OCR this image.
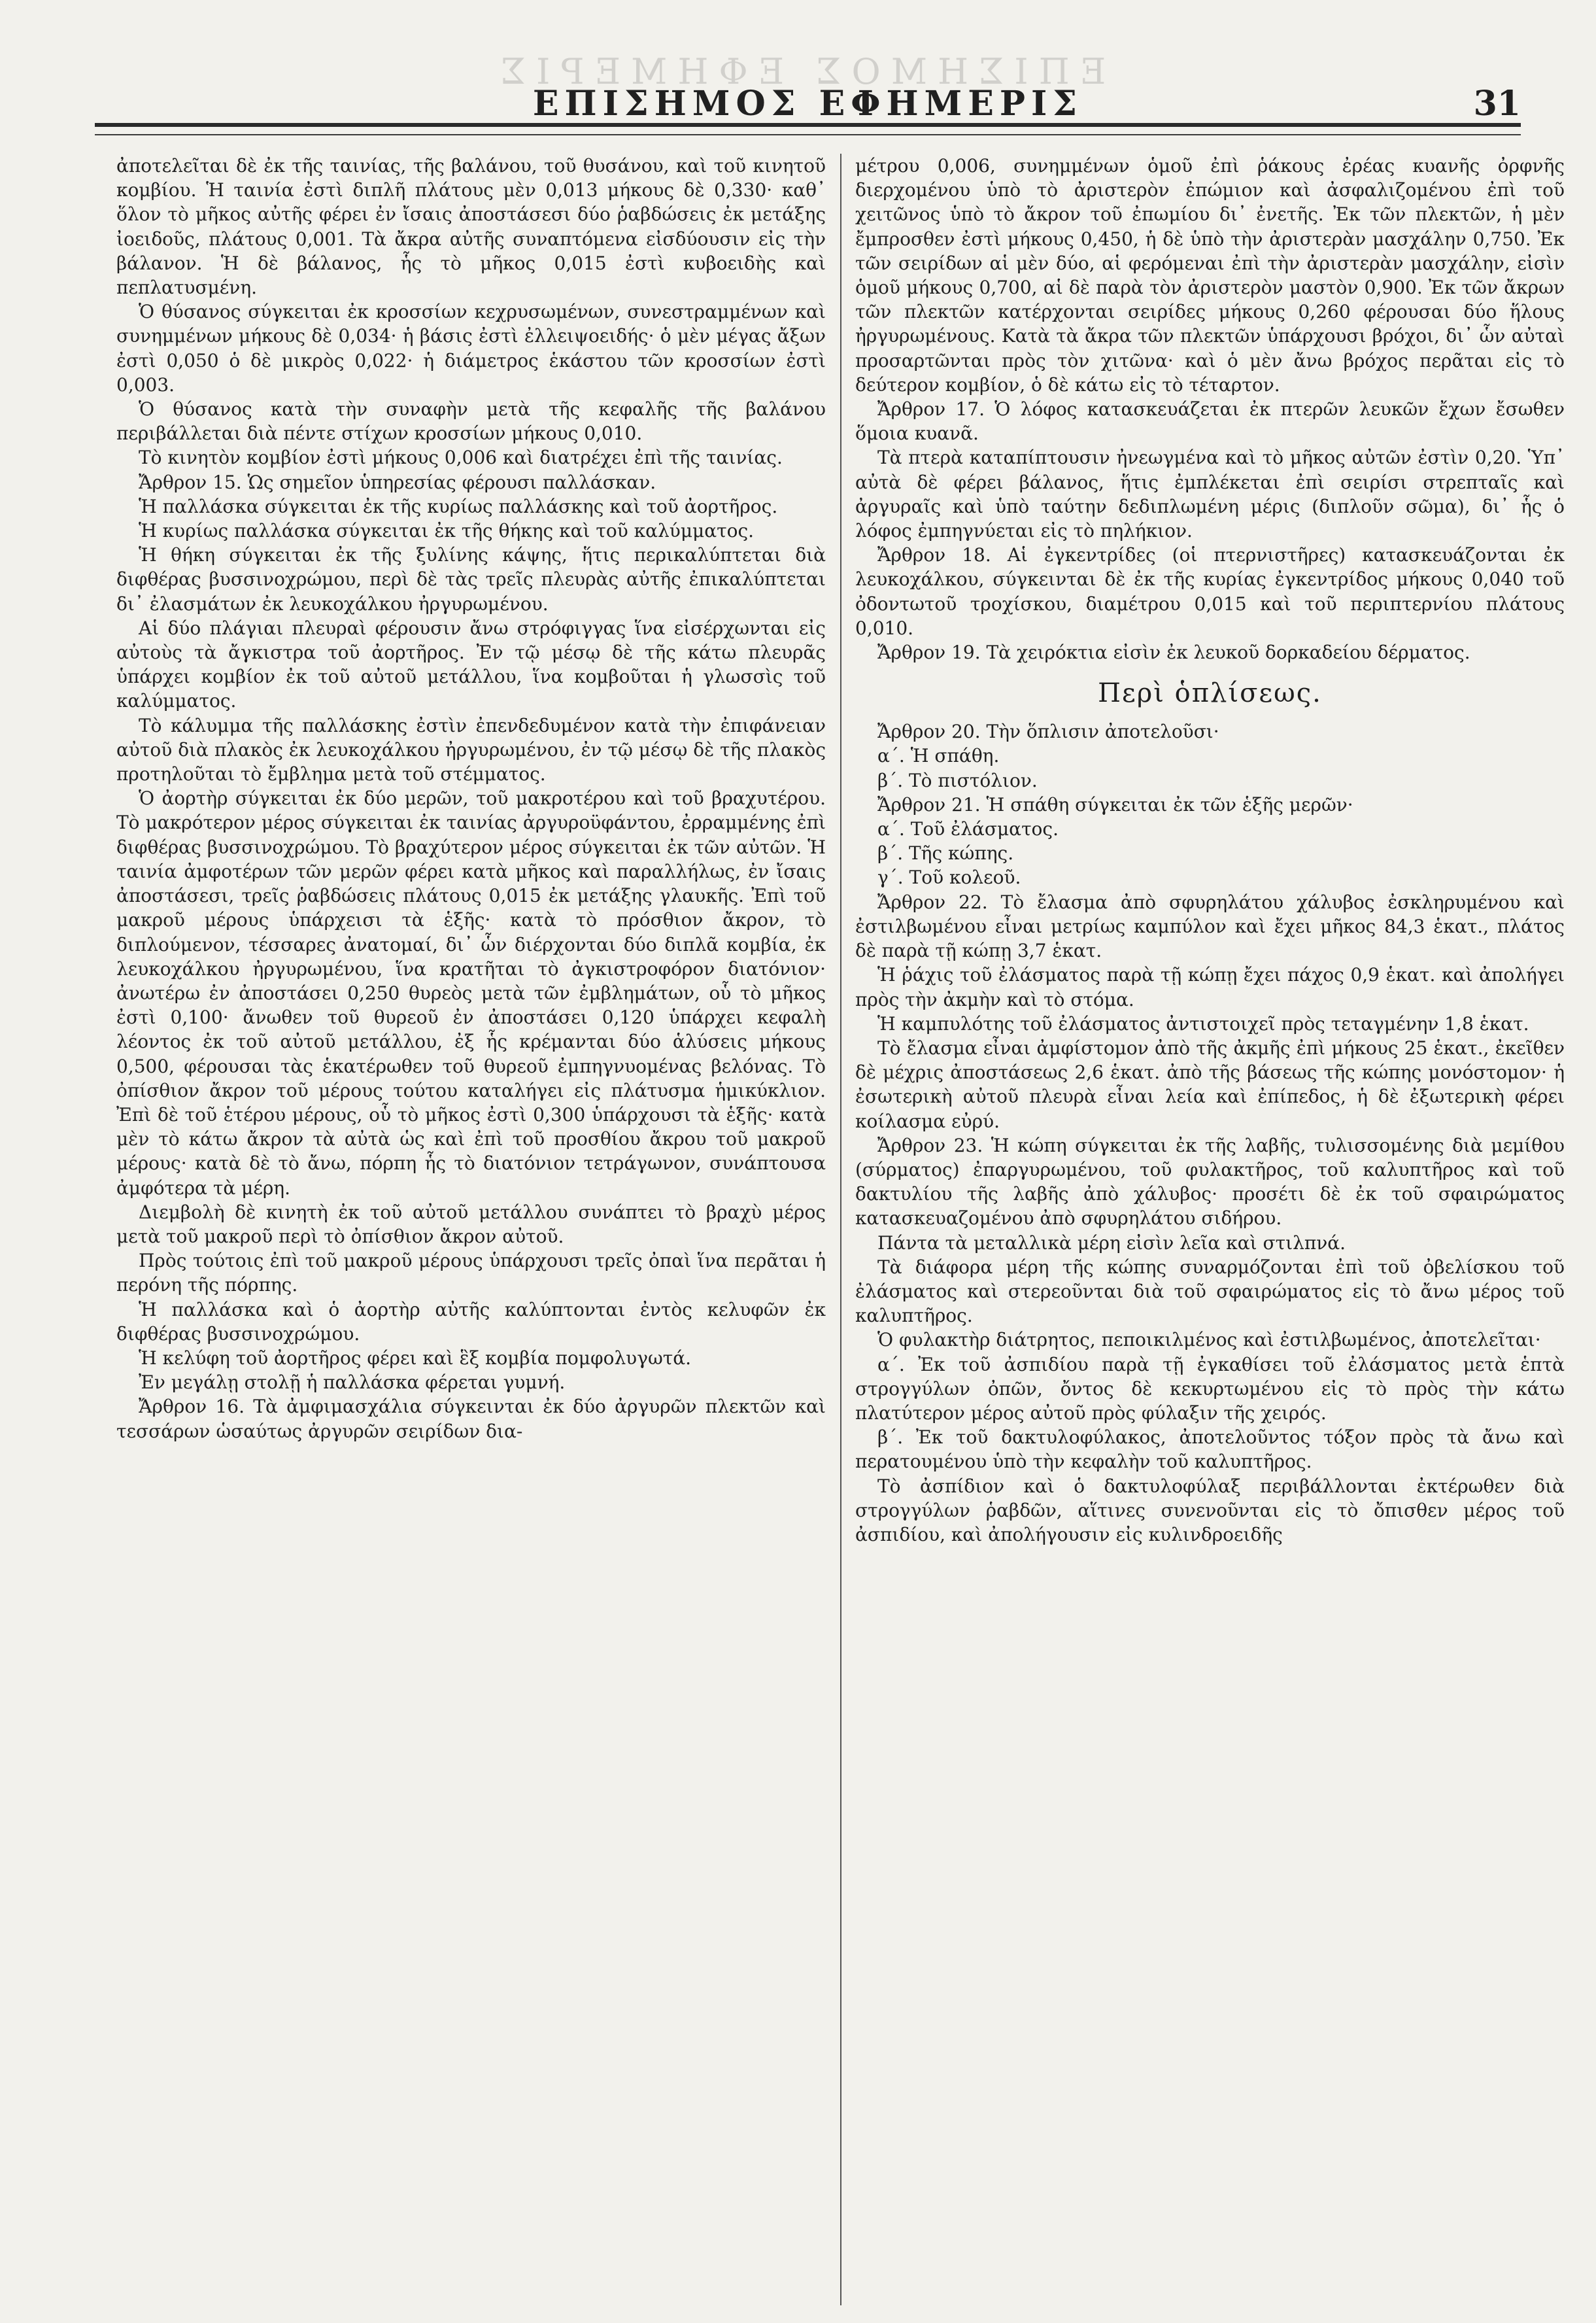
ΕΠΙΣΗΜΟΣ ΕΦΗΜΕΡΙΣ
ΕΠΙΣΗΜΟΣ ΕΦΗΜΕΡΙΣ	31

ἀποτελεῖται δὲ ἐκ τῆς ταινίας, τῆς βαλάνου, τοῦ θυσάνου, καὶ τοῦ κινητοῦ κομβίου. Ἡ ταινία ἐστὶ διπλῆ πλάτους μὲν 0,013 μήκους δὲ 0,330· καθ᾽ ὅλον τὸ μῆκος αὐτῆς φέρει ἐν ἴσαις ἀποστάσεσι δύο ῥαβδώσεις ἐκ μετάξης ἰοειδοῦς, πλάτους 0,001. Τὰ ἄκρα αὐτῆς συναπτόμενα εἰσδύουσιν εἰς τὴν βάλανον. Ἡ δὲ βάλανος, ἧς τὸ μῆκος 0,015 ἐστὶ κυβοειδὴς καὶ πεπλατυσμένη.

Ὁ θύσανος σύγκειται ἐκ κροσσίων κεχρυσωμένων, συνεστραμμένων καὶ συνημμένων μήκους δὲ 0,034· ἡ βάσις ἐστὶ ἐλλειψοειδής· ὁ μὲν μέγας ἄξων ἐστὶ 0,050 ὁ δὲ μικρὸς 0,022· ἡ διάμετρος ἑκάστου τῶν κροσσίων ἐστὶ 0,003.

Ὁ θύσανος κατὰ τὴν συναφὴν μετὰ τῆς κεφαλῆς τῆς βαλάνου περιβάλλεται διὰ πέντε στίχων κροσσίων μήκους 0,010.

Τὸ κινητὸν κομβίον ἐστὶ μήκους 0,006 καὶ διατρέχει ἐπὶ τῆς ταινίας.

Ἄρθρον 15. Ὡς σημεῖον ὑπηρεσίας φέρουσι παλλάσκαν.

Ἡ παλλάσκα σύγκειται ἐκ τῆς κυρίως παλλάσκης καὶ τοῦ ἀορτῆρος.

Ἡ κυρίως παλλάσκα σύγκειται ἐκ τῆς θήκης καὶ τοῦ καλύμματος.

Ἡ θήκη σύγκειται ἐκ τῆς ξυλίνης κάψης, ἥτις περικαλύπτεται διὰ διφθέρας βυσσινοχρώμου, περὶ δὲ τὰς τρεῖς πλευρὰς αὐτῆς ἐπικαλύπτεται δι᾽ ἐλασμάτων ἐκ λευκοχάλκου ἠργυρωμένου.

Αἱ δύο πλάγιαι πλευραὶ φέρουσιν ἄνω στρόφιγγας ἵνα εἰσέρχωνται εἰς αὐτοὺς τὰ ἄγκιστρα τοῦ ἀορτῆρος. Ἐν τῷ μέσῳ δὲ τῆς κάτω πλευρᾶς ὑπάρχει κομβίον ἐκ τοῦ αὐτοῦ μετάλλου, ἵνα κομβοῦται ἡ γλωσσὶς τοῦ καλύμματος.

Τὸ κάλυμμα τῆς παλλάσκης ἐστὶν ἐπενδεδυμένον κατὰ τὴν ἐπιφάνειαν αὐτοῦ διὰ πλακὸς ἐκ λευκοχάλκου ἠργυρωμένου, ἐν τῷ μέσῳ δὲ τῆς πλακὸς προτηλοῦται τὸ ἔμβλημα μετὰ τοῦ στέμματος.

Ὁ ἀορτὴρ σύγκειται ἐκ δύο μερῶν, τοῦ μακροτέρου καὶ τοῦ βραχυτέρου. Τὸ μακρότερον μέρος σύγκειται ἐκ ταινίας ἀργυροϋφάντου, ἐρραμμένης ἐπὶ διφθέρας βυσσινοχρώμου. Τὸ βραχύτερον μέρος σύγκειται ἐκ τῶν αὐτῶν. Ἡ ταινία ἀμφοτέρων τῶν μερῶν φέρει κατὰ μῆκος καὶ παραλλήλως, ἐν ἴσαις ἀποστάσεσι, τρεῖς ῥαβδώσεις πλάτους 0,015 ἐκ μετάξης γλαυκῆς. Ἐπὶ τοῦ μακροῦ μέρους ὑπάρχεισι τὰ ἑξῆς· κατὰ τὸ πρόσθιον ἄκρον, τὸ διπλούμενον, τέσσαρες ἀνατομαί, δι᾽ ὧν διέρχονται δύο διπλᾶ κομβία, ἐκ λευκοχάλκου ἠργυρωμένου, ἵνα κρατῆται τὸ ἀγκιστροφόρον διατόνιον· ἀνωτέρω ἐν ἀποστάσει 0,250 θυρεὸς μετὰ τῶν ἐμβλημάτων, οὗ τὸ μῆκος ἐστὶ 0,100· ἄνωθεν τοῦ θυρεοῦ ἐν ἀποστάσει 0,120 ὑπάρχει κεφαλὴ λέοντος ἐκ τοῦ αὐτοῦ μετάλλου, ἐξ ἧς κρέμανται δύο ἁλύσεις μήκους 0,500, φέρουσαι τὰς ἑκατέρωθεν τοῦ θυρεοῦ ἐμπηγνυομένας βελόνας. Τὸ ὀπίσθιον ἄκρον τοῦ μέρους τούτου καταλήγει εἰς πλάτυσμα ἡμικύκλιον. Ἐπὶ δὲ τοῦ ἑτέρου μέρους, οὗ τὸ μῆκος ἐστὶ 0,300 ὑπάρχουσι τὰ ἑξῆς· κατὰ μὲν τὸ κάτω ἄκρον τὰ αὐτὰ ὡς καὶ ἐπὶ τοῦ προσθίου ἄκρου τοῦ μακροῦ μέρους· κατὰ δὲ τὸ ἄνω, πόρπη ἧς τὸ διατόνιον τετράγωνον, συνάπτουσα ἀμφότερα τὰ μέρη.

Διεμβολὴ δὲ κινητὴ ἐκ τοῦ αὐτοῦ μετάλλου συνάπτει τὸ βραχὺ μέρος μετὰ τοῦ μακροῦ περὶ τὸ ὀπίσθιον ἄκρον αὐτοῦ.

Πρὸς τούτοις ἐπὶ τοῦ μακροῦ μέρους ὑπάρχουσι τρεῖς ὀπαὶ ἵνα περᾶται ἡ περόνη τῆς πόρπης.

Ἡ παλλάσκα καὶ ὁ ἀορτὴρ αὐτῆς καλύπτονται ἐντὸς κελυφῶν ἐκ διφθέρας βυσσινοχρώμου.

Ἡ κελύφη τοῦ ἀορτῆρος φέρει καὶ ἓξ κομβία πομφολυγωτά.

Ἐν μεγάλῃ στολῇ ἡ παλλάσκα φέρεται γυμνή.

Ἄρθρον 16. Τὰ ἀμφιμασχάλια σύγκεινται ἐκ δύο ἀργυρῶν πλεκτῶν καὶ τεσσάρων ὡσαύτως ἀργυρῶν σειρίδων δια-

μέτρου 0,006, συνημμένων ὁμοῦ ἐπὶ ῥάκους ἐρέας κυανῆς ὀρφνῆς διερχομένου ὑπὸ τὸ ἀριστερὸν ἐπώμιον καὶ ἀσφαλιζομένου ἐπὶ τοῦ χειτῶνος ὑπὸ τὸ ἄκρον τοῦ ἐπωμίου δι᾽ ἐνετῆς. Ἐκ τῶν πλεκτῶν, ἡ μὲν ἔμπροσθεν ἐστὶ μήκους 0,450, ἡ δὲ ὑπὸ τὴν ἀριστερὰν μασχάλην 0,750. Ἐκ τῶν σειρίδων αἱ μὲν δύο, αἱ φερόμεναι ἐπὶ τὴν ἀριστερὰν μασχάλην, εἰσὶν ὁμοῦ μήκους 0,700, αἱ δὲ παρὰ τὸν ἀριστερὸν μαστὸν 0,900. Ἐκ τῶν ἄκρων τῶν πλεκτῶν κατέρχονται σειρίδες μήκους 0,260 φέρουσαι δύο ἥλους ἠργυρωμένους. Κατὰ τὰ ἄκρα τῶν πλεκτῶν ὑπάρχουσι βρόχοι, δι᾽ ὧν αὐταὶ προσαρτῶνται πρὸς τὸν χιτῶνα· καὶ ὁ μὲν ἄνω βρόχος περᾶται εἰς τὸ δεύτερον κομβίον, ὁ δὲ κάτω εἰς τὸ τέταρτον.

Ἄρθρον 17. Ὁ λόφος κατασκευάζεται ἐκ πτερῶν λευκῶν ἔχων ἔσωθεν ὅμοια κυανᾶ.

Τὰ πτερὰ καταπίπτουσιν ἠνεωγμένα καὶ τὸ μῆκος αὐτῶν ἐστὶν 0,20. Ὑπ᾽ αὐτὰ δὲ φέρει βάλανος, ἥτις ἐμπλέκεται ἐπὶ σειρίσι στρεπταῖς καὶ ἀργυραῖς καὶ ὑπὸ ταύτην δεδιπλωμένη μέρις (διπλοῦν σῶμα), δι᾽ ἧς ὁ λόφος ἐμπηγνύεται εἰς τὸ πηλήκιον.

Ἄρθρον 18. Αἱ ἐγκεντρίδες (οἱ πτερνιστῆρες) κατασκευάζονται ἐκ λευκοχάλκου, σύγκεινται δὲ ἐκ τῆς κυρίας ἐγκεντρίδος μήκους 0,040 τοῦ ὀδοντωτοῦ τροχίσκου, διαμέτρου 0,015 καὶ τοῦ περιπτερνίου πλάτους 0,010.

Ἄρθρον 19. Τὰ χειρόκτια εἰσὶν ἐκ λευκοῦ δορκαδείου δέρματος.

Περὶ ὁπλίσεως.

Ἄρθρον 20. Τὴν ὅπλισιν ἀποτελοῦσι·

α΄. Ἡ σπάθη.

β΄. Τὸ πιστόλιον.

Ἄρθρον 21. Ἡ σπάθη σύγκειται ἐκ τῶν ἑξῆς μερῶν·

α΄. Τοῦ ἐλάσματος.

β΄. Τῆς κώπης.

γ΄. Τοῦ κολεοῦ.

Ἄρθρον 22. Τὸ ἔλασμα ἀπὸ σφυρηλάτου χάλυβος ἐσκληρυμένου καὶ ἐστιλβωμένου εἶναι μετρίως καμπύλον καὶ ἔχει μῆκος 84,3 ἑκατ., πλάτος δὲ παρὰ τῇ κώπῃ 3,7 ἑκατ.

Ἡ ῥάχις τοῦ ἐλάσματος παρὰ τῇ κώπῃ ἔχει πάχος 0,9 ἑκατ. καὶ ἀπολήγει πρὸς τὴν ἀκμὴν καὶ τὸ στόμα.

Ἡ καμπυλότης τοῦ ἐλάσματος ἀντιστοιχεῖ πρὸς τεταγμένην 1,8 ἑκατ.

Τὸ ἔλασμα εἶναι ἀμφίστομον ἀπὸ τῆς ἀκμῆς ἐπὶ μήκους 25 ἑκατ., ἐκεῖθεν δὲ μέχρις ἀποστάσεως 2,6 ἑκατ. ἀπὸ τῆς βάσεως τῆς κώπης μονόστομον· ἡ ἐσωτερικὴ αὐτοῦ πλευρὰ εἶναι λεία καὶ ἐπίπεδος, ἡ δὲ ἐξωτερικὴ φέρει κοίλασμα εὐρύ.

Ἄρθρον 23. Ἡ κώπη σύγκειται ἐκ τῆς λαβῆς, τυλισσομένης διὰ μεμίθου (σύρματος) ἐπαργυρωμένου, τοῦ φυλακτῆρος, τοῦ καλυπτῆρος καὶ τοῦ δακτυλίου τῆς λαβῆς ἀπὸ χάλυβος· προσέτι δὲ ἐκ τοῦ σφαιρώματος κατασκευαζομένου ἀπὸ σφυρηλάτου σιδήρου.

Πάντα τὰ μεταλλικὰ μέρη εἰσὶν λεῖα καὶ στιλπνά.

Τὰ διάφορα μέρη τῆς κώπης συναρμόζονται ἐπὶ τοῦ ὀβελίσκου τοῦ ἐλάσματος καὶ στερεοῦνται διὰ τοῦ σφαιρώματος εἰς τὸ ἄνω μέρος τοῦ καλυπτῆρος.

Ὁ φυλακτὴρ διάτρητος, πεποικιλμένος καὶ ἐστιλβωμένος, ἀποτελεῖται·

α΄. Ἐκ τοῦ ἀσπιδίου παρὰ τῇ ἐγκαθίσει τοῦ ἐλάσματος μετὰ ἑπτὰ στρογγύλων ὀπῶν, ὄντος δὲ κεκυρτωμένου εἰς τὸ πρὸς τὴν κάτω πλατύτερον μέρος αὐτοῦ πρὸς φύλαξιν τῆς χειρός.

β΄. Ἐκ τοῦ δακτυλοφύλακος, ἀποτελοῦντος τόξον πρὸς τὰ ἄνω καὶ περατουμένου ὑπὸ τὴν κεφαλὴν τοῦ καλυπτῆρος.

Τὸ ἀσπίδιον καὶ ὁ δακτυλοφύλαξ περιβάλλονται ἐκτέρωθεν διὰ στρογγύλων ῥαβδῶν, αἵτινες συνενοῦνται εἰς τὸ ὄπισθεν μέρος τοῦ ἀσπιδίου, καὶ ἀπολήγουσιν εἰς κυλινδροειδῆς
